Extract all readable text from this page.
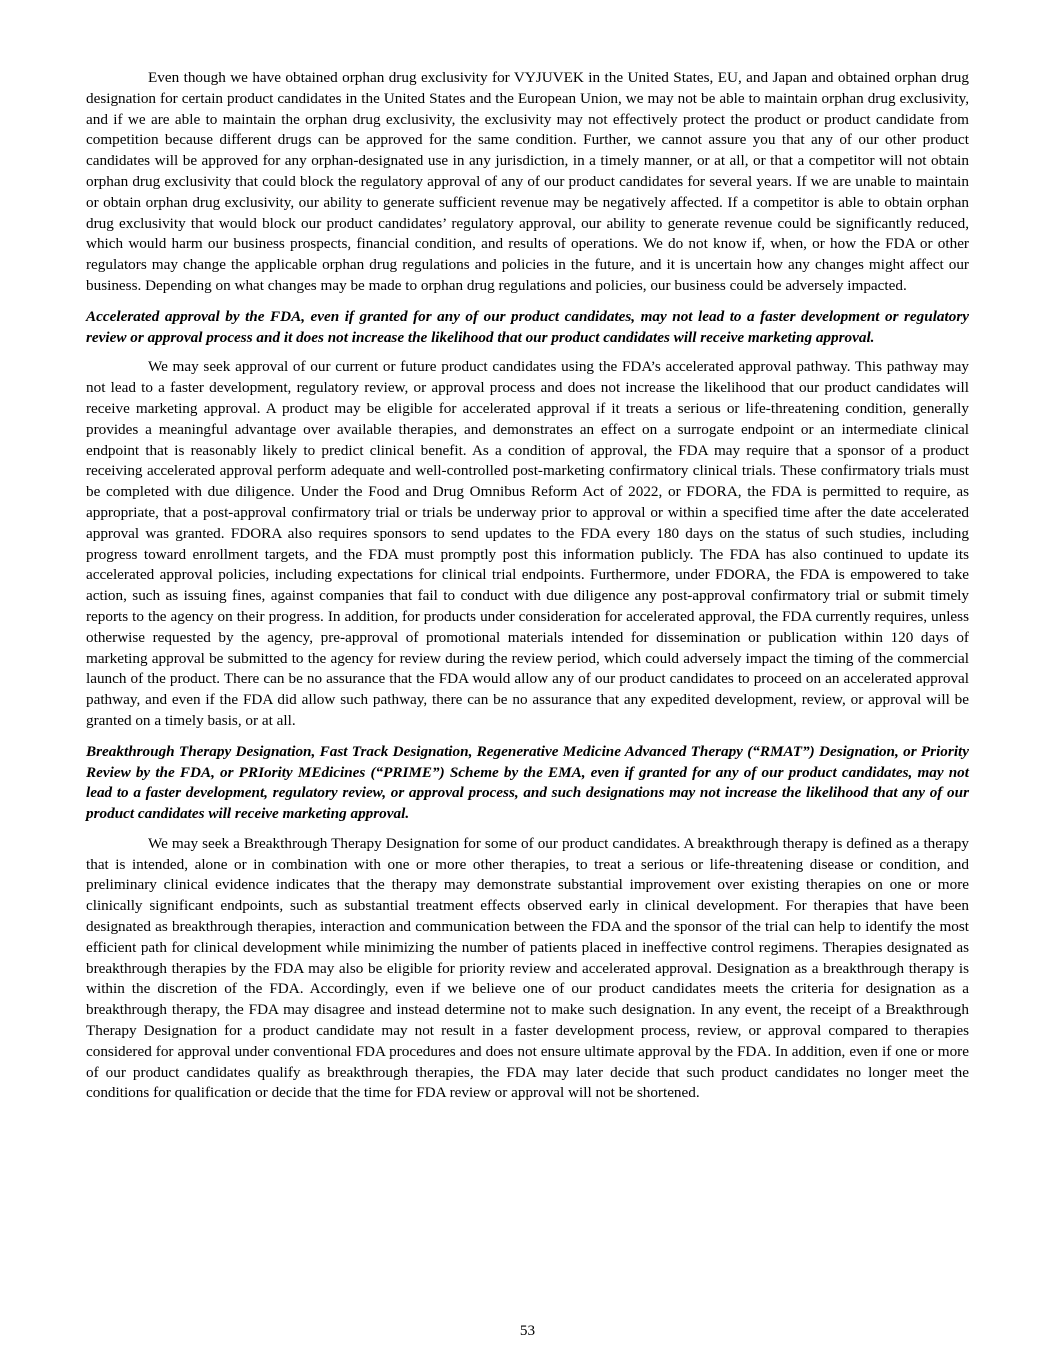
Even though we have obtained orphan drug exclusivity for VYJUVEK in the United States, EU, and Japan and obtained orphan drug designation for certain product candidates in the United States and the European Union, we may not be able to maintain orphan drug exclusivity, and if we are able to maintain the orphan drug exclusivity, the exclusivity may not effectively protect the product or product candidate from competition because different drugs can be approved for the same condition. Further, we cannot assure you that any of our other product candidates will be approved for any orphan-designated use in any jurisdiction, in a timely manner, or at all, or that a competitor will not obtain orphan drug exclusivity that could block the regulatory approval of any of our product candidates for several years. If we are unable to maintain or obtain orphan drug exclusivity, our ability to generate sufficient revenue may be negatively affected. If a competitor is able to obtain orphan drug exclusivity that would block our product candidates’ regulatory approval, our ability to generate revenue could be significantly reduced, which would harm our business prospects, financial condition, and results of operations. We do not know if, when, or how the FDA or other regulators may change the applicable orphan drug regulations and policies in the future, and it is uncertain how any changes might affect our business. Depending on what changes may be made to orphan drug regulations and policies, our business could be adversely impacted.

Accelerated approval by the FDA, even if granted for any of our product candidates, may not lead to a faster development or regulatory review or approval process and it does not increase the likelihood that our product candidates will receive marketing approval.

We may seek approval of our current or future product candidates using the FDA’s accelerated approval pathway. This pathway may not lead to a faster development, regulatory review, or approval process and does not increase the likelihood that our product candidates will receive marketing approval. A product may be eligible for accelerated approval if it treats a serious or life-threatening condition, generally provides a meaningful advantage over available therapies, and demonstrates an effect on a surrogate endpoint or an intermediate clinical endpoint that is reasonably likely to predict clinical benefit. As a condition of approval, the FDA may require that a sponsor of a product receiving accelerated approval perform adequate and well-controlled post-marketing confirmatory clinical trials. These confirmatory trials must be completed with due diligence. Under the Food and Drug Omnibus Reform Act of 2022, or FDORA, the FDA is permitted to require, as appropriate, that a post-approval confirmatory trial or trials be underway prior to approval or within a specified time after the date accelerated approval was granted. FDORA also requires sponsors to send updates to the FDA every 180 days on the status of such studies, including progress toward enrollment targets, and the FDA must promptly post this information publicly. The FDA has also continued to update its accelerated approval policies, including expectations for clinical trial endpoints. Furthermore, under FDORA, the FDA is empowered to take action, such as issuing fines, against companies that fail to conduct with due diligence any post-approval confirmatory trial or submit timely reports to the agency on their progress. In addition, for products under consideration for accelerated approval, the FDA currently requires, unless otherwise requested by the agency, pre-approval of promotional materials intended for dissemination or publication within 120 days of marketing approval be submitted to the agency for review during the review period, which could adversely impact the timing of the commercial launch of the product. There can be no assurance that the FDA would allow any of our product candidates to proceed on an accelerated approval pathway, and even if the FDA did allow such pathway, there can be no assurance that any expedited development, review, or approval will be granted on a timely basis, or at all.

Breakthrough Therapy Designation, Fast Track Designation, Regenerative Medicine Advanced Therapy (“RMAT”) Designation, or Priority Review by the FDA, or PRIority MEdicines (“PRIME”) Scheme by the EMA, even if granted for any of our product candidates, may not lead to a faster development, regulatory review, or approval process, and such designations may not increase the likelihood that any of our product candidates will receive marketing approval.

We may seek a Breakthrough Therapy Designation for some of our product candidates. A breakthrough therapy is defined as a therapy that is intended, alone or in combination with one or more other therapies, to treat a serious or life-threatening disease or condition, and preliminary clinical evidence indicates that the therapy may demonstrate substantial improvement over existing therapies on one or more clinically significant endpoints, such as substantial treatment effects observed early in clinical development. For therapies that have been designated as breakthrough therapies, interaction and communication between the FDA and the sponsor of the trial can help to identify the most efficient path for clinical development while minimizing the number of patients placed in ineffective control regimens. Therapies designated as breakthrough therapies by the FDA may also be eligible for priority review and accelerated approval. Designation as a breakthrough therapy is within the discretion of the FDA. Accordingly, even if we believe one of our product candidates meets the criteria for designation as a breakthrough therapy, the FDA may disagree and instead determine not to make such designation. In any event, the receipt of a Breakthrough Therapy Designation for a product candidate may not result in a faster development process, review, or approval compared to therapies considered for approval under conventional FDA procedures and does not ensure ultimate approval by the FDA. In addition, even if one or more of our product candidates qualify as breakthrough therapies, the FDA may later decide that such product candidates no longer meet the conditions for qualification or decide that the time for FDA review or approval will not be shortened.

53
